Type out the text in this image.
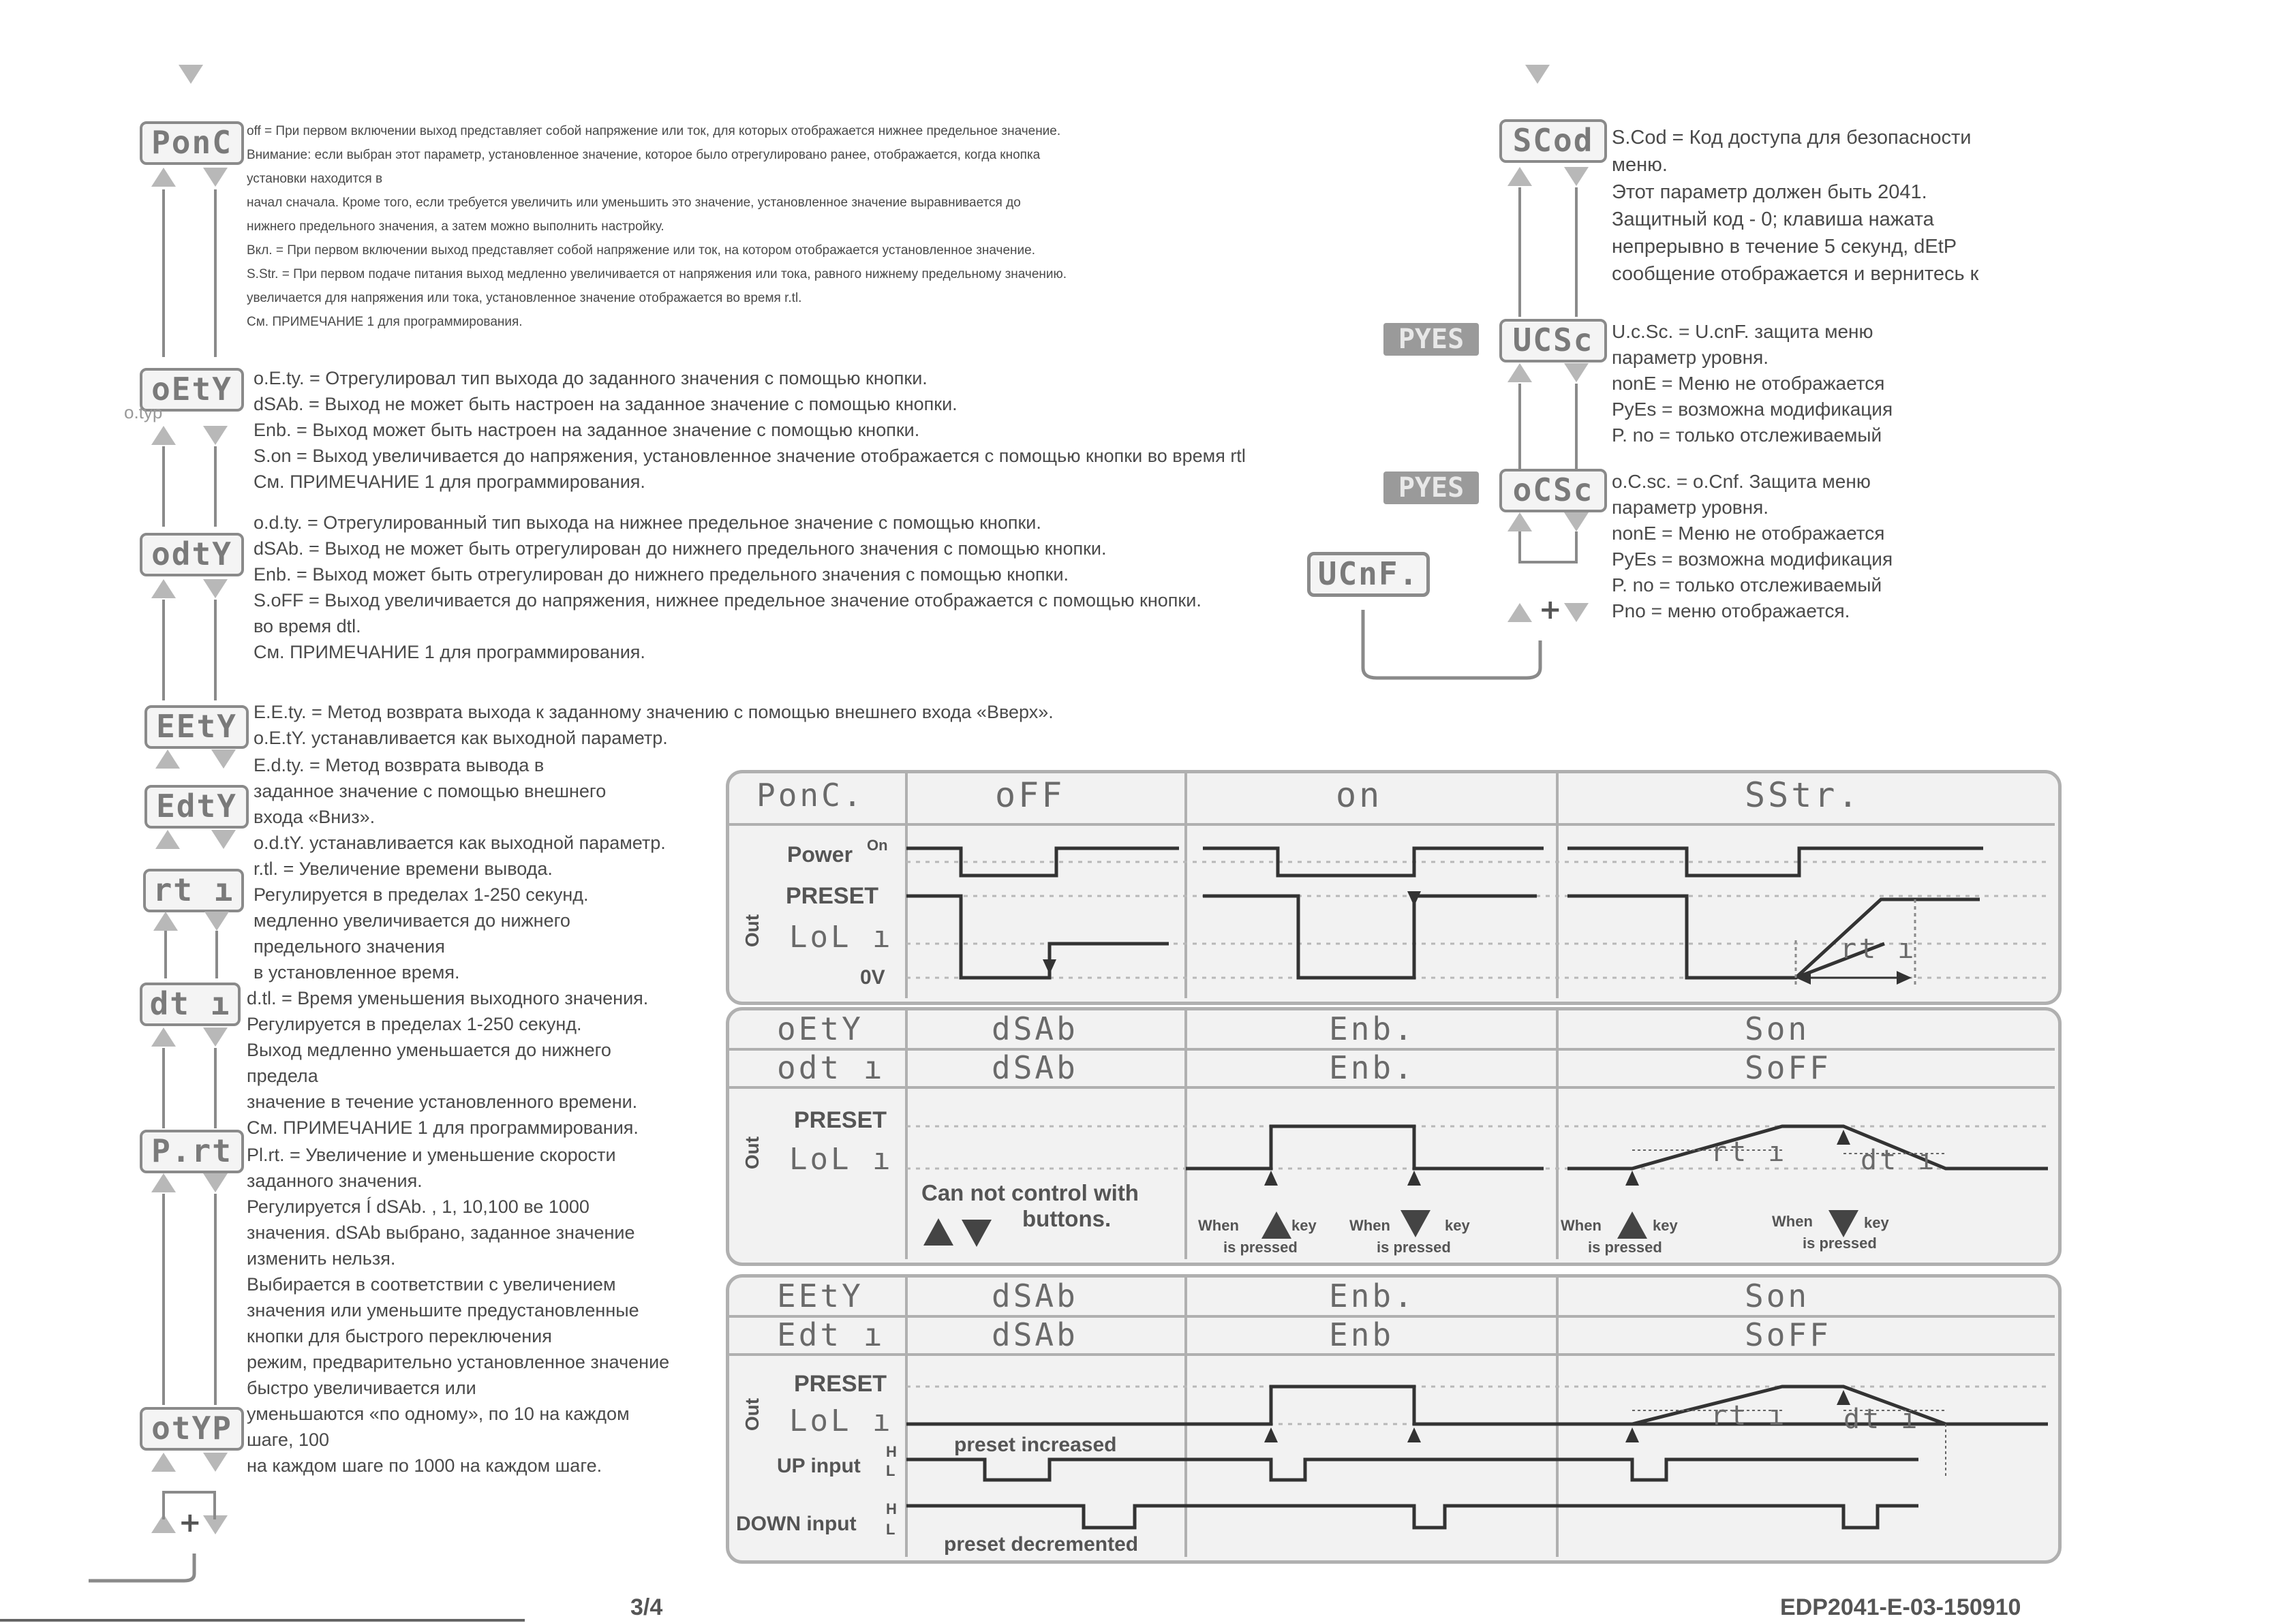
PonC	off = При первом включении выход представляет собой напряжение или ток, для которых отображается нижнее предельное значение.
Внимание: если выбран этот параметр, установленное значение, которое было отрегулировано ранее, отображается, когда кнопка
установки находится в
начал сначала. Кроме того, если требуется увеличить или уменьшить это значение, установленное значение выравнивается до
нижнего предельного значения, а затем можно выполнить настройку.
Вкл. = При первом включении выход представляет собой напряжение или ток, на котором отображается установленное значение.
S.Str. = При первом подаче питания выход медленно увеличивается от напряжения или тока, равного нижнему предельному значению.
увеличается для напряжения или тока, установленное значение отображается во время r.tl.
См. ПРИМЕЧАНИЕ 1 для программирования.
oEtY
o.typ
o.E.ty. = Отрегулировал тип выхода до заданного значения с помощью кнопки.
dSAb. = Выход не может быть настроен на заданное значение с помощью кнопки.
Enb. = Выход может быть настроен на заданное значение с помощью кнопки.
S.on = Выход увеличивается до напряжения, установленное значение отображается с помощью кнопки во время rtl
См. ПРИМЕЧАНИЕ 1 для программирования.
odtY
o.d.ty. = Отрегулированный тип выхода на нижнее предельное значение с помощью кнопки.
dSAb. = Выход не может быть отрегулирован до нижнего предельного значения с помощью кнопки.
Enb. = Выход может быть отрегулирован до нижнего предельного значения с помощью кнопки.
S.oFF = Выход увеличивается до напряжения, нижнее предельное значение отображается с помощью кнопки.
во время dtl.
См. ПРИМЕЧАНИЕ 1 для программирования.
EEtY E.E.ty. = Метод возврата выхода к заданному значению с помощью внешнего входа «Вверх».
o.E.tY. устанавливается как выходной параметр.
EdtY
E.d.ty. = Метод возврата вывода в
заданное значение с помощью внешнего
входа «Вниз».
o.d.tY. устанавливается как выходной параметр.
rt ı
r.tl. = Увеличение времени вывода.
Регулируется в пределах 1-250 секунд.
медленно увеличивается до нижнего
предельного значения
в установленное время.
dt ı d.tl. = Время уменьшения выходного значения.
Регулируется в пределах 1-250 секунд.
Выход медленно уменьшается до нижнего
предела
значение в течение установленного времени.
См. ПРИМЕЧАНИЕ 1 для программирования.
P.rt Pl.rt. = Увеличение и уменьшение скорости
заданного значения.
Регулируется Í dSAb. , 1, 10,100 ве 1000
значения. dSAb выбрано, заданное значение
изменить нельзя.
Выбирается в соответствии с увеличением
значения или уменьшите предустановленные
кнопки для быстрого переключения
режим, предварительно установленное значение
быстро увеличивается или
уменьшаются «по одному», по 10 на каждом
шаге, 100
на каждом шаге по 1000 на каждом шаге.
otYP
+
SCod S.Cod = Код доступа для безопасности
меню.
Этот параметр должен быть 2041.
Защитный код - 0; клавиша нажата
непрерывно в течение 5 секунд, dEtP
сообщение отображается и вернитесь к
PYES	UCSc U.c.Sc. = U.cnF. защита меню
параметр уровня.
nonE = Меню не отображается
PyEs = возможна модификация
P. no = только отслеживаемый
PYES	oCSc o.C.sc. = o.Cnf. Защита меню
параметр уровня.
nonE = Меню не отображается
PyEs = возможна модификация
P. no = только отслеживаемый
Pno = меню отображается.
UCnF.
+
PonC.	oFF	on	SStr.
Power On
PRESET
LoL ı
0V
Out
rt ı
oEtY	dSAb	Enb.	Son
odt ı	dSAb	Enb.	SoFF
PRESET
LoL ı
Out	rt ı	dt ı
Can not control with
buttons.	When	key
is pressed
When	key
is pressed
When	key
is pressed
When	key
is pressed
EEtY	dSAb	Enb.	Son
Edt ı	dSAb	Enb	SoFF
PRESET
LoL ı
Out	rt ı dt ı
UP input
H
L
DOWN input
H
L
preset increased
preset decremented
3/4	EDP2041-E-03-150910
